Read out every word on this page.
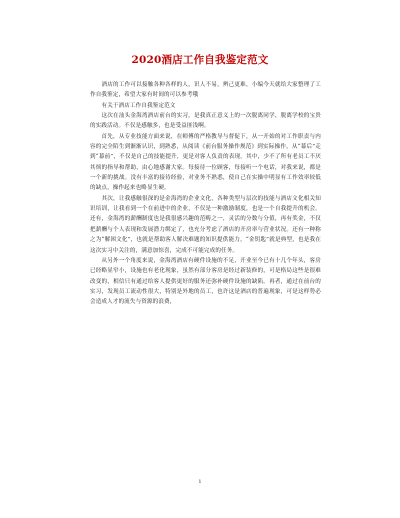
2020酒店工作自我鉴定范文

酒店的工作可以接触各种各样的人，识人不易，辨己更难，小编今天就给大家整理了工作自我鉴定，希望大家有时间的可以参考哦

有关于酒店工作自我鉴定范文

这次在汕头金海湾酒店前台的实习，是我真正意义上的一次脱离同学，脱离学校的宝贵的实践活动。不仅是感触多，也是受益匪浅啊。

首先，从专业技能方面来说，在师傅的严格教导与督促下，从一开始的对工作职责与内容的完全陌生到渐渐认识，到熟悉，从阅读《前台服务操作规范》到实际操作，从“幕后”走到“幕前”，不仅是自己的技能提升，更是对客人负责的表现。其中，少不了所有老员工不厌其烦的指导和帮助，由心地感谢大家。每接待一位顾客，每接听一个电话，对我来说，都是一个新的挑战。没有丰富的接待经验，对业务不熟悉，使自己在实操中明显有工作效率较低的缺点，操作起来也略显生硬。

其次，让我感触很深的是金海湾的企业文化，各种类型与层次的技能与酒店文化相关知识培训，让我看到一个在前进中的企业，不仅是一种激励制度，也是一个自我提升的机会。还有，金海湾的薪酬制度也是我很感兴趣的范畴之一，灵活的分数与分值，再有奖金，不仅把薪酬与个人表现和发展潜力绑定了，也充分考虑了酒店的开房率与营业状况。还有一种称之为“解困文化”，也就是帮助客人解决难题的知识提供能力，“金钥匙”就是典型，也是我在这次实习中关注的，满意加惊喜，完成不可能完成的任务。

从另外一个角度来说，金海湾酒店有硬件设施的不足，开业至今已有十几个年头，客房已经略显窄小，设施也有老化现象，虽然有部分客房是经过新装修的，可是格局这些是很难改变的，相信只有通过给客人提供更好的服务还弥补硬件设施的缺陷。再者，通过在前台的实习，发现员工流动性很大，特别是外地的员工，也许这是酒店的普遍现象，可是这样势必会造成人才的流失与资源的浪费，

1
